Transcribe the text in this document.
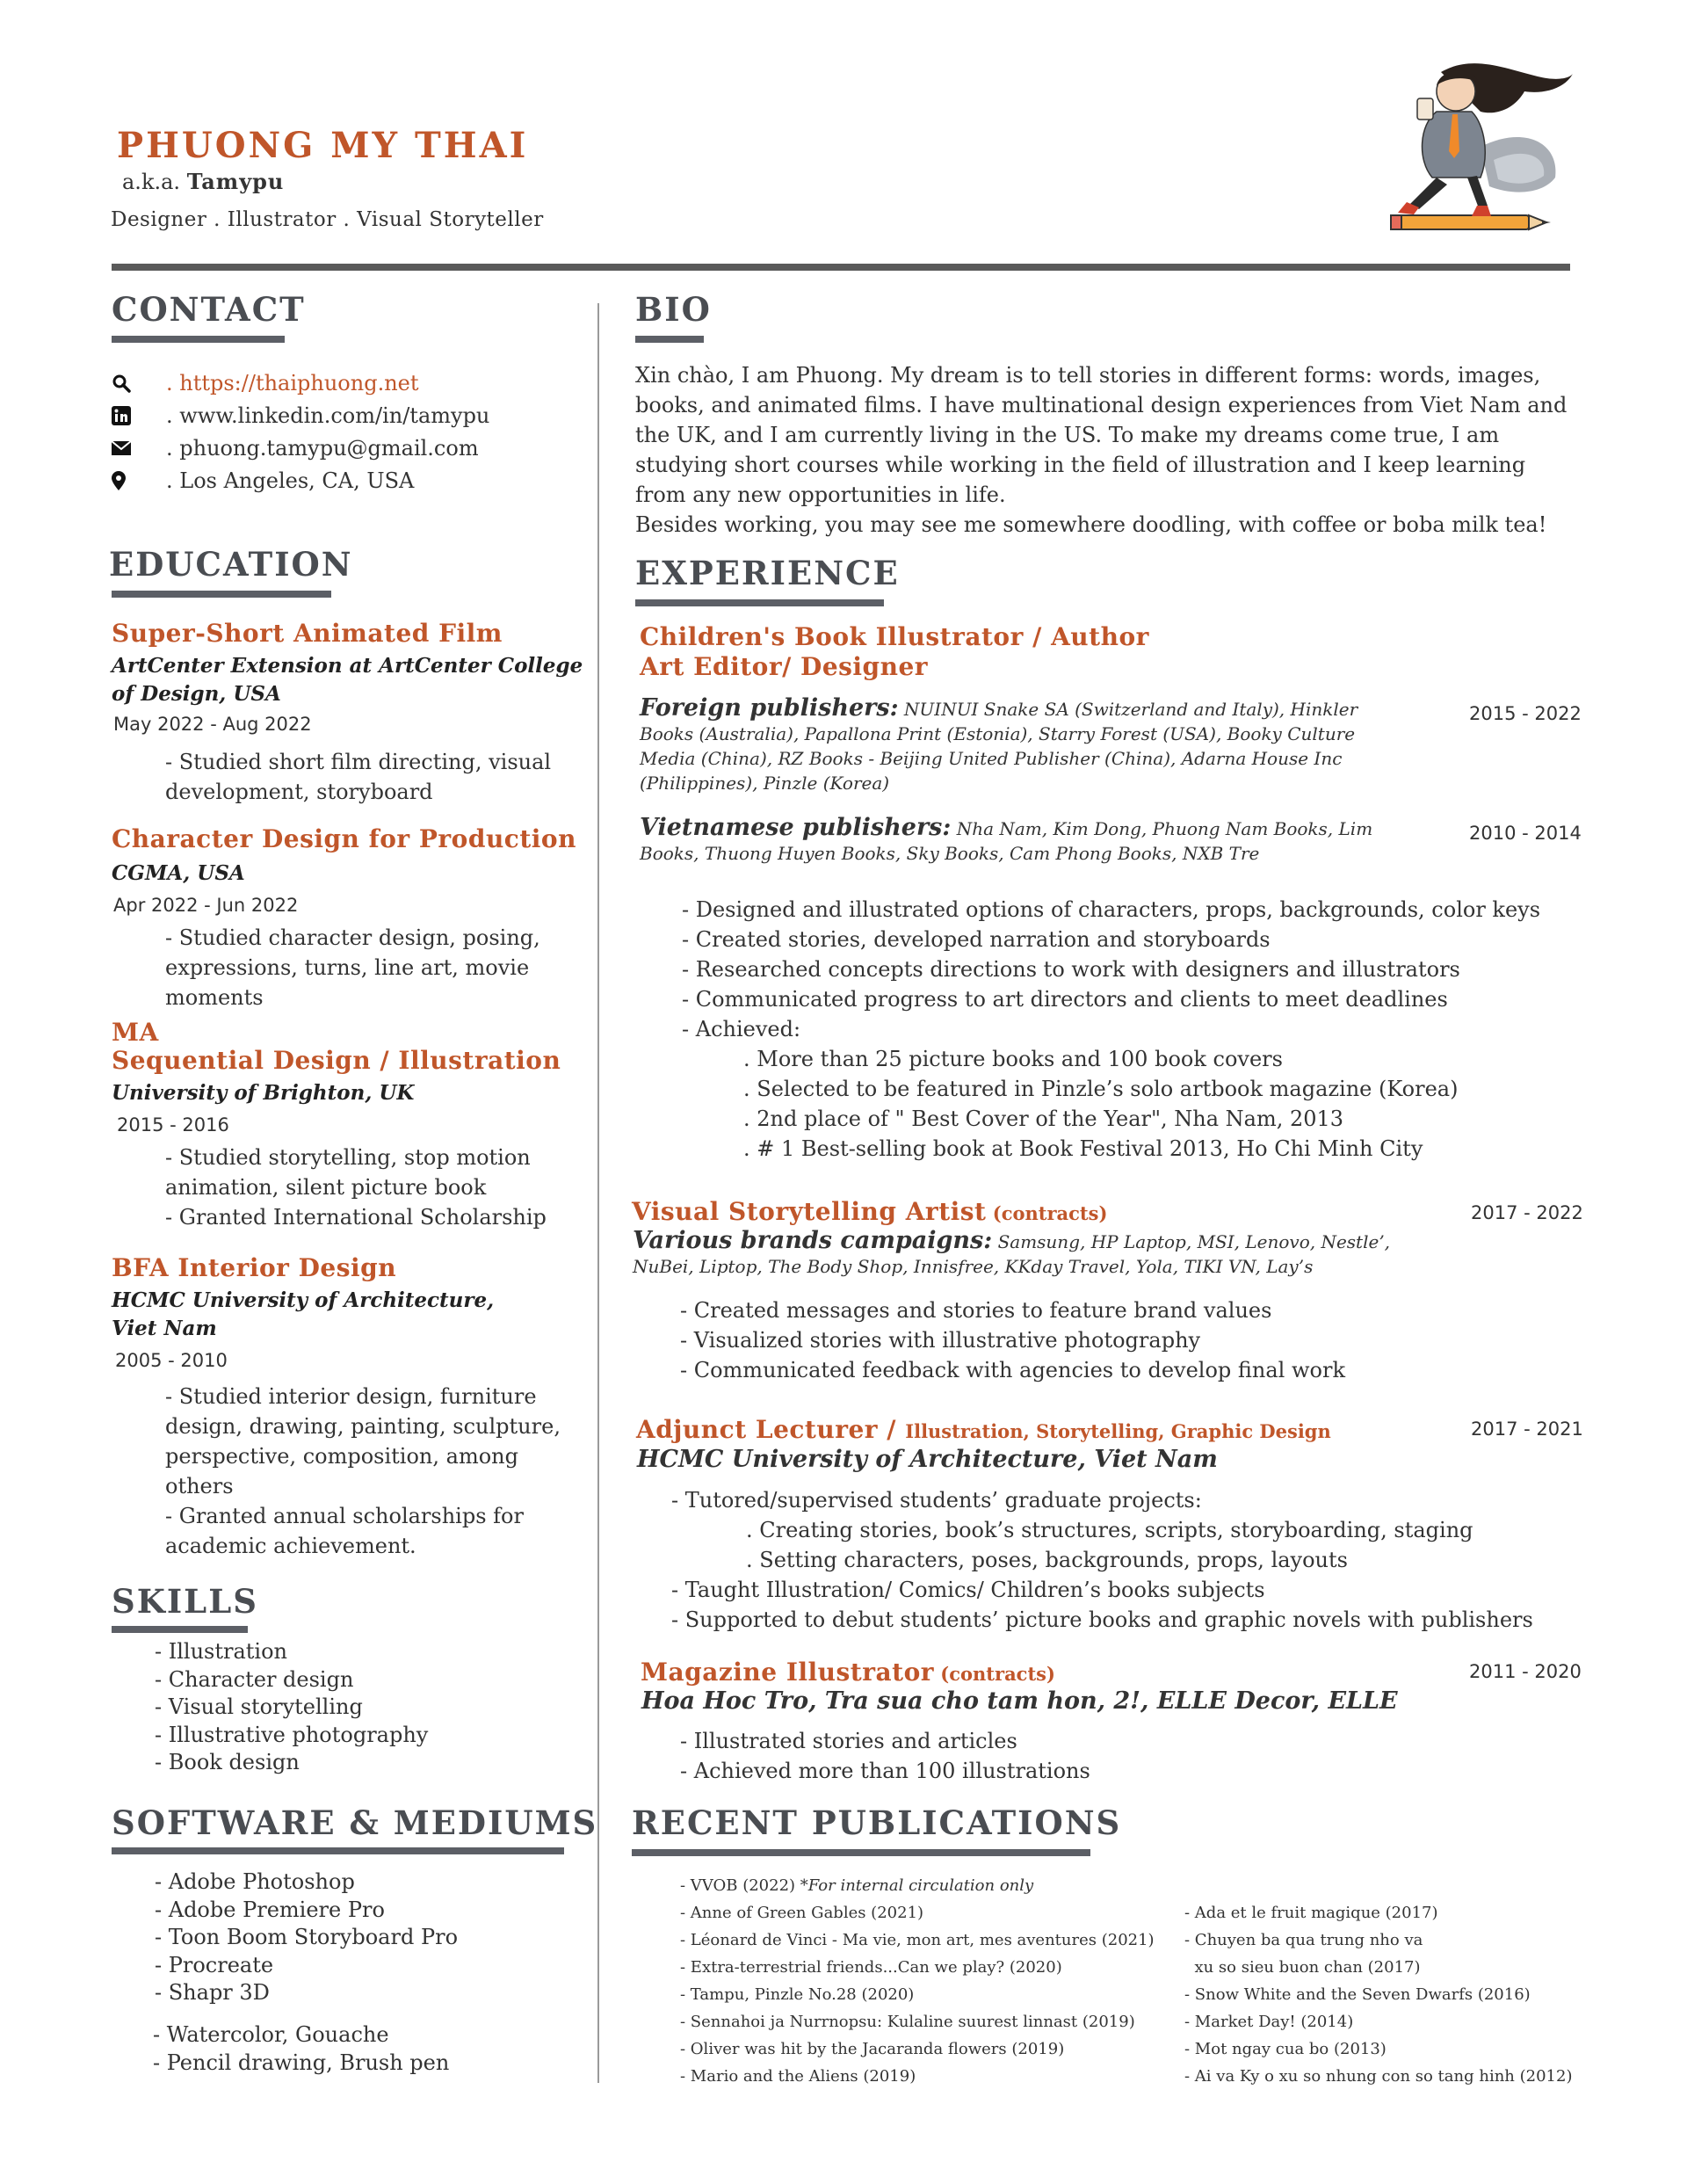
PHUONG MY THAI
a.k.a. Tamypu
Designer . Illustrator . Visual Storyteller
CONTACT
. https://thaiphuong.net
. www.linkedin.com/in/tamypu
. phuong.tamypu@gmail.com
. Los Angeles, CA, USA
EDUCATION
Super-Short Animated Film
ArtCenter Extension at ArtCenter College of Design, USA
May 2022 - Aug 2022
- Studied short film directing, visual development, storyboard
Character Design for Production
CGMA, USA
Apr 2022 - Jun 2022
- Studied character design, posing, expressions, turns, line art, movie moments
MA
Sequential Design / Illustration
University of Brighton, UK
2015 - 2016
- Studied storytelling, stop motion animation, silent picture book
- Granted International Scholarship
BFA Interior Design
HCMC University of Architecture, Viet Nam
2005 - 2010
- Studied interior design, furniture design, drawing, painting, sculpture, perspective, composition, among others
- Granted annual scholarships for academic achievement.
SKILLS
- Illustration
- Character design
- Visual storytelling
- Illustrative photography
- Book design
SOFTWARE & MEDIUMS
- Adobe Photoshop
- Adobe Premiere Pro
- Toon Boom Storyboard Pro
- Procreate
- Shapr 3D
- Watercolor, Gouache
- Pencil drawing, Brush pen
BIO
Xin chào, I am Phuong. My dream is to tell stories in different forms: words, images, books, and animated films. I have multinational design experiences from Viet Nam and the UK, and I am currently living in the US. To make my dreams come true, I am studying short courses while working in the field of illustration and I keep learning from any new opportunities in life.
Besides working, you may see me somewhere doodling, with coffee or boba milk tea!
EXPERIENCE
Children's Book Illustrator / Author
Art Editor/ Designer
Foreign publishers: NUINUI Snake SA (Switzerland and Italy), Hinkler Books (Australia), Papallona Print (Estonia), Starry Forest (USA), Booky Culture Media (China), RZ Books - Beijing United Publisher (China), Adarna House Inc (Philippines), Pinzle (Korea)
2015 - 2022
Vietnamese publishers: Nha Nam, Kim Dong, Phuong Nam Books, Lim Books, Thuong Huyen Books, Sky Books, Cam Phong Books, NXB Tre
2010 - 2014
- Designed and illustrated options of characters, props, backgrounds, color keys
- Created stories, developed narration and storyboards
- Researched concepts directions to work with designers and illustrators
- Communicated progress to art directors and clients to meet deadlines
- Achieved:
. More than 25 picture books and 100 book covers
. Selected to be featured in Pinzle’s solo artbook magazine (Korea)
. 2nd place of " Best Cover of the Year", Nha Nam, 2013
. # 1 Best-selling book at Book Festival 2013, Ho Chi Minh City
Visual Storytelling Artist (contracts)	2017 - 2022
Various brands campaigns: Samsung, HP Laptop, MSI, Lenovo, Nestle’, NuBei, Liptop, The Body Shop, Innisfree, KKday Travel, Yola, TIKI VN, Lay’s
- Created messages and stories to feature brand values
- Visualized stories with illustrative photography
- Communicated feedback with agencies to develop final work
Adjunct Lecturer / Illustration, Storytelling, Graphic Design	2017 - 2021
HCMC University of Architecture, Viet Nam
- Tutored/supervised students’ graduate projects:
. Creating stories, book’s structures, scripts, storyboarding, staging
. Setting characters, poses, backgrounds, props, layouts
- Taught Illustration/ Comics/ Children’s books subjects
- Supported to debut students’ picture books and graphic novels with publishers
Magazine Illustrator (contracts)	2011 - 2020
Hoa Hoc Tro, Tra sua cho tam hon, 2!, ELLE Decor, ELLE
- Illustrated stories and articles
- Achieved more than 100 illustrations
RECENT PUBLICATIONS
- VVOB (2022) *For internal circulation only
- Anne of Green Gables (2021)
- Léonard de Vinci - Ma vie, mon art, mes aventures (2021)
- Extra-terrestrial friends...Can we play? (2020)
- Tampu, Pinzle No.28 (2020)
- Sennahoi ja Nurrnopsu: Kulaline suurest linnast (2019)
- Oliver was hit by the Jacaranda flowers (2019)
- Mario and the Aliens (2019)
- Ada et le fruit magique (2017)
- Chuyen ba qua trung nho va
xu so sieu buon chan (2017)
- Snow White and the Seven Dwarfs (2016)
- Market Day! (2014)
- Mot ngay cua bo (2013)
- Ai va Ky o xu so nhung con so tang hinh (2012)
